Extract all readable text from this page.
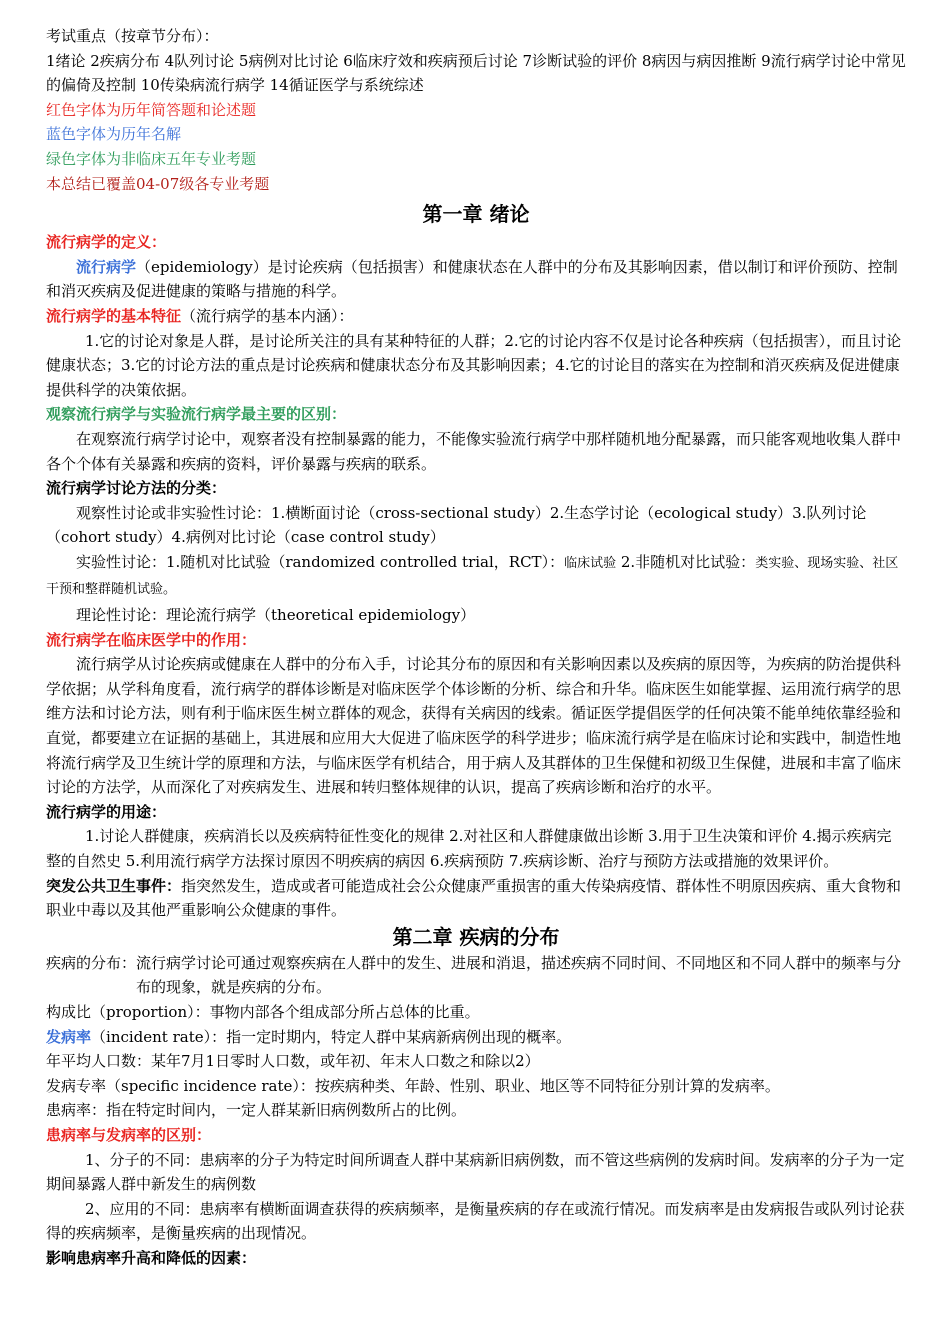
考试重点（按章节分布）：

1绪论 2疾病分布 4队列讨论 5病例对比讨论 6临床疗效和疾病预后讨论 7诊断试验的评价 8病因与病因推断 9流行病学讨论中常见的偏倚及控制 10传染病流行病学 14循证医学与系统综述

红色字体为历年简答题和论述题

蓝色字体为历年名解

绿色字体为非临床五年专业考题

本总结已覆盖04-07级各专业考题

第一章 绪论

流行病学的定义：

流行病学（epidemiology）是讨论疾病（包括损害）和健康状态在人群中的分布及其影响因素，借以制订和评价预防、控制和消灭疾病及促进健康的策略与措施的科学。

流行病学的基本特征（流行病学的基本内涵）：

1.它的讨论对象是人群，是讨论所关注的具有某种特征的人群；2.它的讨论内容不仅是讨论各种疾病（包括损害），而且讨论健康状态；3.它的讨论方法的重点是讨论疾病和健康状态分布及其影响因素；4.它的讨论目的落实在为控制和消灭疾病及促进健康提供科学的决策依据。

观察流行病学与实验流行病学最主要的区别：

在观察流行病学讨论中，观察者没有控制暴露的能力，不能像实验流行病学中那样随机地分配暴露，而只能客观地收集人群中各个个体有关暴露和疾病的资料，评价暴露与疾病的联系。

流行病学讨论方法的分类：

观察性讨论或非实验性讨论：1.横断面讨论（cross-sectional study）2.生态学讨论（ecological study）3.队列讨论（cohort study）4.病例对比讨论（case control study）

实验性讨论：1.随机对比试验（randomized controlled trial，RCT）：临床试验 2.非随机对比试验：类实验、现场实验、社区干预和整群随机试验。

理论性讨论：理论流行病学（theoretical epidemiology）

流行病学在临床医学中的作用：

流行病学从讨论疾病或健康在人群中的分布入手，讨论其分布的原因和有关影响因素以及疾病的原因等，为疾病的防治提供科学依据；从学科角度看，流行病学的群体诊断是对临床医学个体诊断的分析、综合和升华。临床医生如能掌握、运用流行病学的思维方法和讨论方法，则有利于临床医生树立群体的观念，获得有关病因的线索。循证医学提倡医学的任何决策不能单纯依靠经验和直觉，都要建立在证据的基础上，其进展和应用大大促进了临床医学的科学进步；临床流行病学是在临床讨论和实践中，制造性地将流行病学及卫生统计学的原理和方法，与临床医学有机结合，用于病人及其群体的卫生保健和初级卫生保健，进展和丰富了临床讨论的方法学，从而深化了对疾病发生、进展和转归整体规律的认识，提高了疾病诊断和治疗的水平。

流行病学的用途：

1.讨论人群健康，疾病消长以及疾病特征性变化的规律 2.对社区和人群健康做出诊断 3.用于卫生决策和评价 4.揭示疾病完整的自然史 5.利用流行病学方法探讨原因不明疾病的病因 6.疾病预防 7.疾病诊断、治疗与预防方法或措施的效果评价。

突发公共卫生事件：指突然发生，造成或者可能造成社会公众健康严重损害的重大传染病疫情、群体性不明原因疾病、重大食物和职业中毒以及其他严重影响公众健康的事件。

第二章 疾病的分布

疾病的分布： 流行病学讨论可通过观察疾病在人群中的发生、进展和消退，描述疾病不同时间、不同地区和不同人群中的频率与分布的现象，就是疾病的分布。

构成比（proportion）：事物内部各个组成部分所占总体的比重。

发病率（incident rate）：指一定时期内，特定人群中某病新病例出现的概率。

年平均人口数：某年7月1日零时人口数，或年初、年末人口数之和除以2）

发病专率（specific incidence rate）：按疾病种类、年龄、性别、职业、地区等不同特征分别计算的发病率。

患病率：指在特定时间内，一定人群某新旧病例数所占的比例。

患病率与发病率的区别：

1、分子的不同：患病率的分子为特定时间所调查人群中某病新旧病例数，而不管这些病例的发病时间。发病率的分子为一定期间暴露人群中新发生的病例数

2、应用的不同：患病率有横断面调查获得的疾病频率，是衡量疾病的存在或流行情况。而发病率是由发病报告或队列讨论获得的疾病频率，是衡量疾病的出现情况。

影响患病率升高和降低的因素：
